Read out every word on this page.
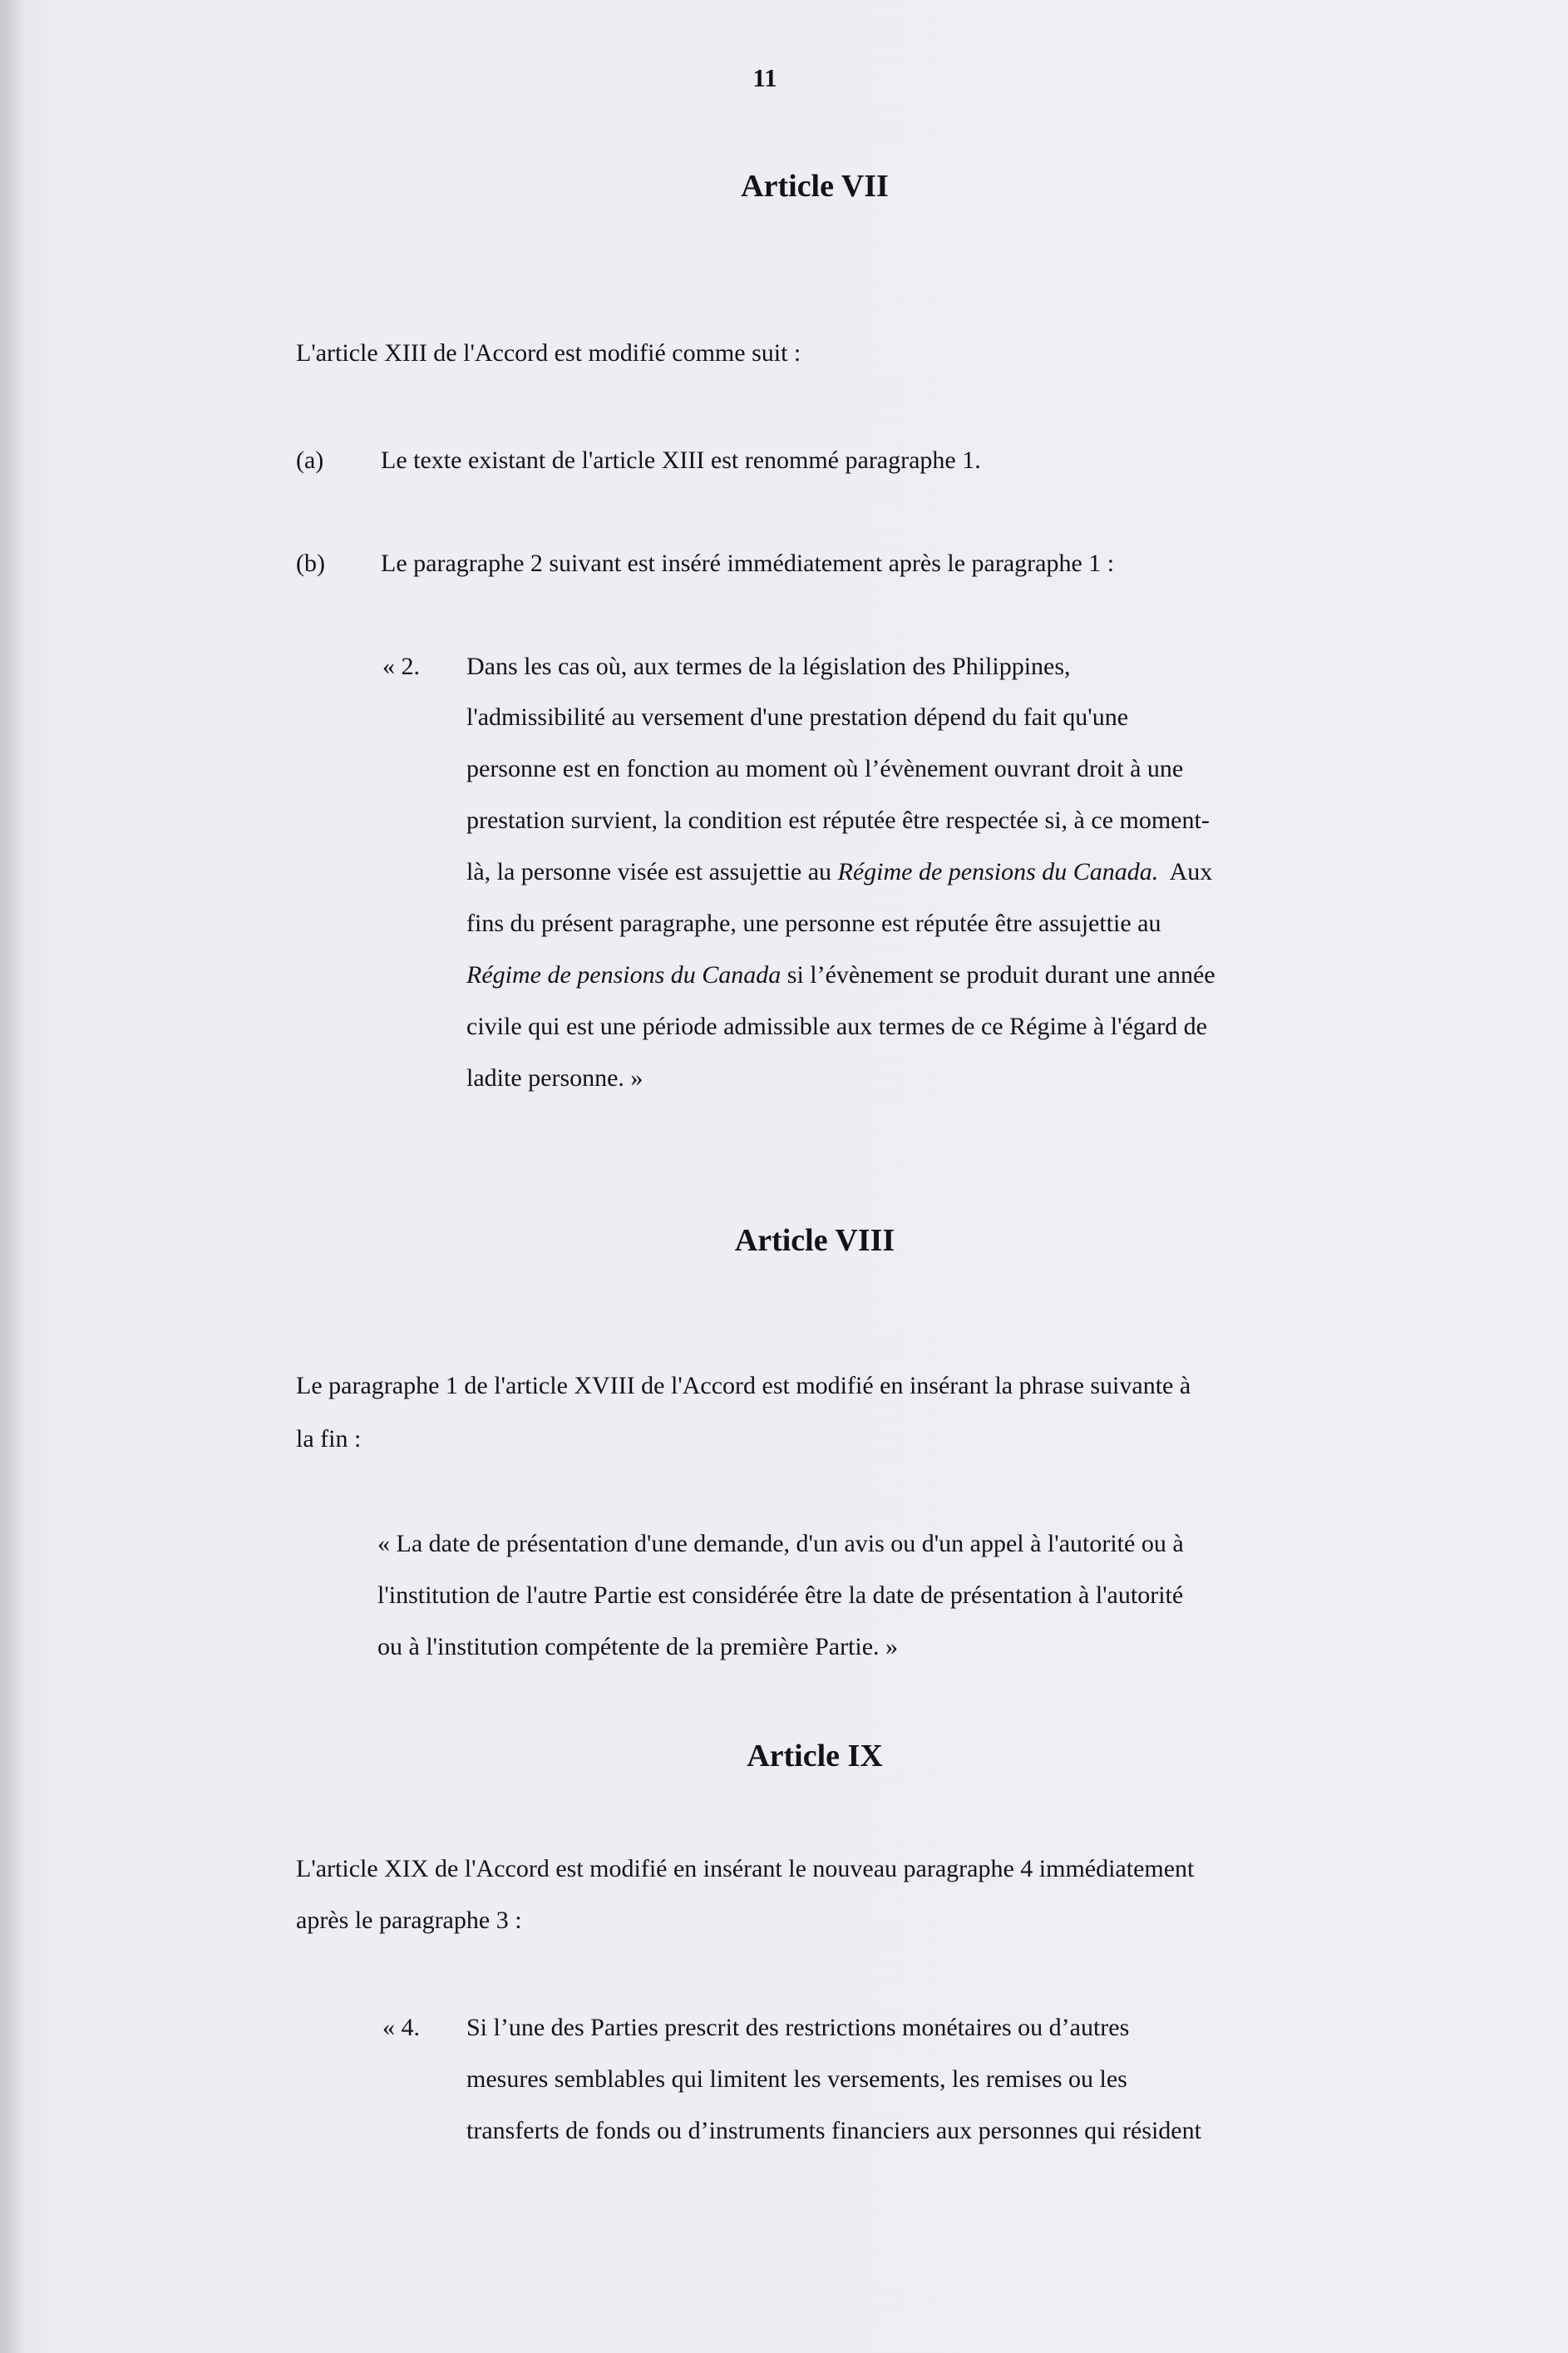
11
Article VII
L'article XIII de l'Accord est modifié comme suit :
(a) Le texte existant de l'article XIII est renommé paragraphe 1.
(b) Le paragraphe 2 suivant est inséré immédiatement après le paragraphe 1 :
« 2. Dans les cas où, aux termes de la législation des Philippines,
l'admissibilité au versement d'une prestation dépend du fait qu'une
personne est en fonction au moment où l’évènement ouvrant droit à une
prestation survient, la condition est réputée être respectée si, à ce moment-
là, la personne visée est assujettie au Régime de pensions du Canada.  Aux
fins du présent paragraphe, une personne est réputée être assujettie au
Régime de pensions du Canada si l’évènement se produit durant une année
civile qui est une période admissible aux termes de ce Régime à l'égard de
ladite personne. »
Article VIII
Le paragraphe 1 de l'article XVIII de l'Accord est modifié en insérant la phrase suivante à
la fin :
« La date de présentation d'une demande, d'un avis ou d'un appel à l'autorité ou à
l'institution de l'autre Partie est considérée être la date de présentation à l'autorité
ou à l'institution compétente de la première Partie. »
Article IX
L'article XIX de l'Accord est modifié en insérant le nouveau paragraphe 4 immédiatement
après le paragraphe 3 :
« 4. Si l’une des Parties prescrit des restrictions monétaires ou d’autres
mesures semblables qui limitent les versements, les remises ou les
transferts de fonds ou d’instruments financiers aux personnes qui résident
